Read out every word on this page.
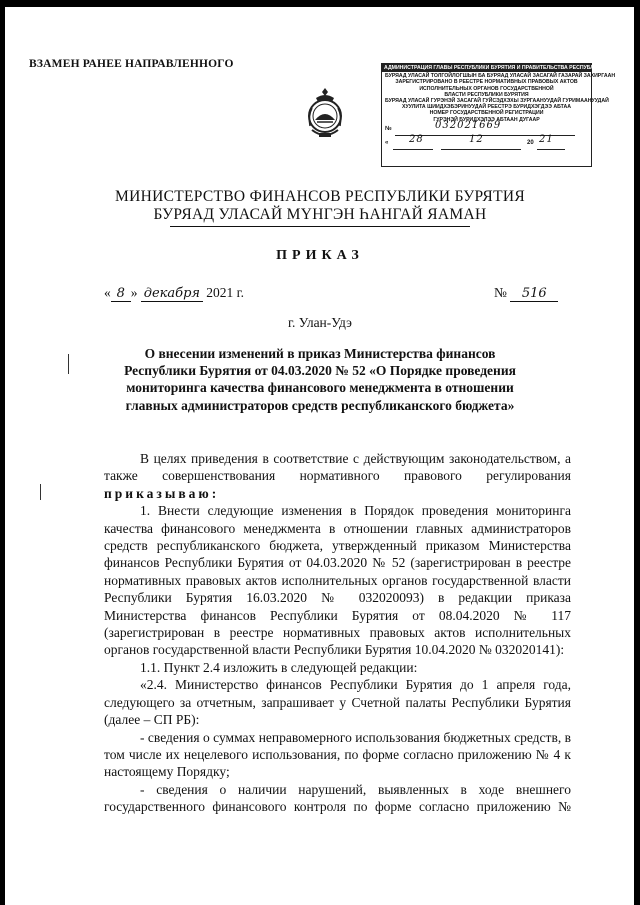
ВЗАМЕН РАНЕЕ НАПРАВЛЕННОГО	АДМИНИСТРАЦИЯ ГЛАВЫ РЕСПУБЛИКИ БУРЯТИЯ И ПРАВИТЕЛЬСТВА РЕСПУБЛИКИ БУРЯТИЯ
БУРЯАД УЛАСАЙ ТОЛГОЙЛОГШЫН БА БУРЯАД УЛАСАЙ ЗАСАГАЙ ГАЗАРАЙ ЗАХИРГААН
ЗАРЕГИСТРИРОВАНО В РЕЕСТРЕ НОРМАТИВНЫХ ПРАВОВЫХ АКТОВ
ИСПОЛНИТЕЛЬНЫХ ОРГАНОВ ГОСУДАРСТВЕННОЙ
ВЛАСТИ РЕСПУБЛИКИ БУРЯТИЯ
БУРЯАД УЛАСАЙ ГУРЭНЭЙ ЗАСАГАЙ ГУЙСЭДХЭХЫ ЗУРГААНУУДАЙ ГУРИМААНУУДАЙ
ХУУЛИТА ШИИДХЭБЭРИНУУДАЙ РЕЕСТРЭ БУРИДХЭГДЭЭ АБТАА
НОМЕР ГОСУДАРСТВЕННОЙ РЕГИСТРАЦИИ
ГУРЭНЭЙ БУРИДХЭЛЭЭ АБТААН ДУГААР
№	032021669
« 28	12	20 21
МИНИСТЕРСТВО ФИНАНСОВ РЕСПУБЛИКИ БУРЯТИЯ
БУРЯАД УЛАСАЙ МҮНГЭН ҺАНГАЙ ЯАМАН
ПРИКАЗ
« 8 » декабря 2021 г.	№ 516
г. Улан-Удэ
О внесении изменений в приказ Министерства финансов Республики Бурятия от 04.03.2020 № 52 «О Порядке проведения мониторинга качества финансового менеджмента в отношении главных администраторов средств республиканского бюджета»

В целях приведения в соответствие с действующим законодательством, а также совершенствования нормативного правового регулирования приказываю:

1. Внести следующие изменения в Порядок проведения мониторинга качества финансового менеджмента в отношении главных администраторов средств республиканского бюджета, утвержденный приказом Министерства финансов Республики Бурятия от 04.03.2020 № 52 (зарегистрирован в реестре нормативных правовых актов исполнительных органов государственной власти Республики Бурятия 16.03.2020 № 032020093) в редакции приказа Министерства финансов Республики Бурятия от 08.04.2020 № 117 (зарегистрирован в реестре нормативных правовых актов исполнительных органов государственной власти Республики Бурятия 10.04.2020 № 032020141):

1.1. Пункт 2.4 изложить в следующей редакции:

«2.4. Министерство финансов Республики Бурятия до 1 апреля года, следующего за отчетным, запрашивает у Счетной палаты Республики Бурятия (далее – СП РБ):

- сведения о суммах неправомерного использования бюджетных средств, в том числе их нецелевого использования, по форме согласно приложению № 4 к настоящему Порядку;

- сведения о наличии нарушений, выявленных в ходе внешнего государственного финансового контроля по форме согласно приложению №
